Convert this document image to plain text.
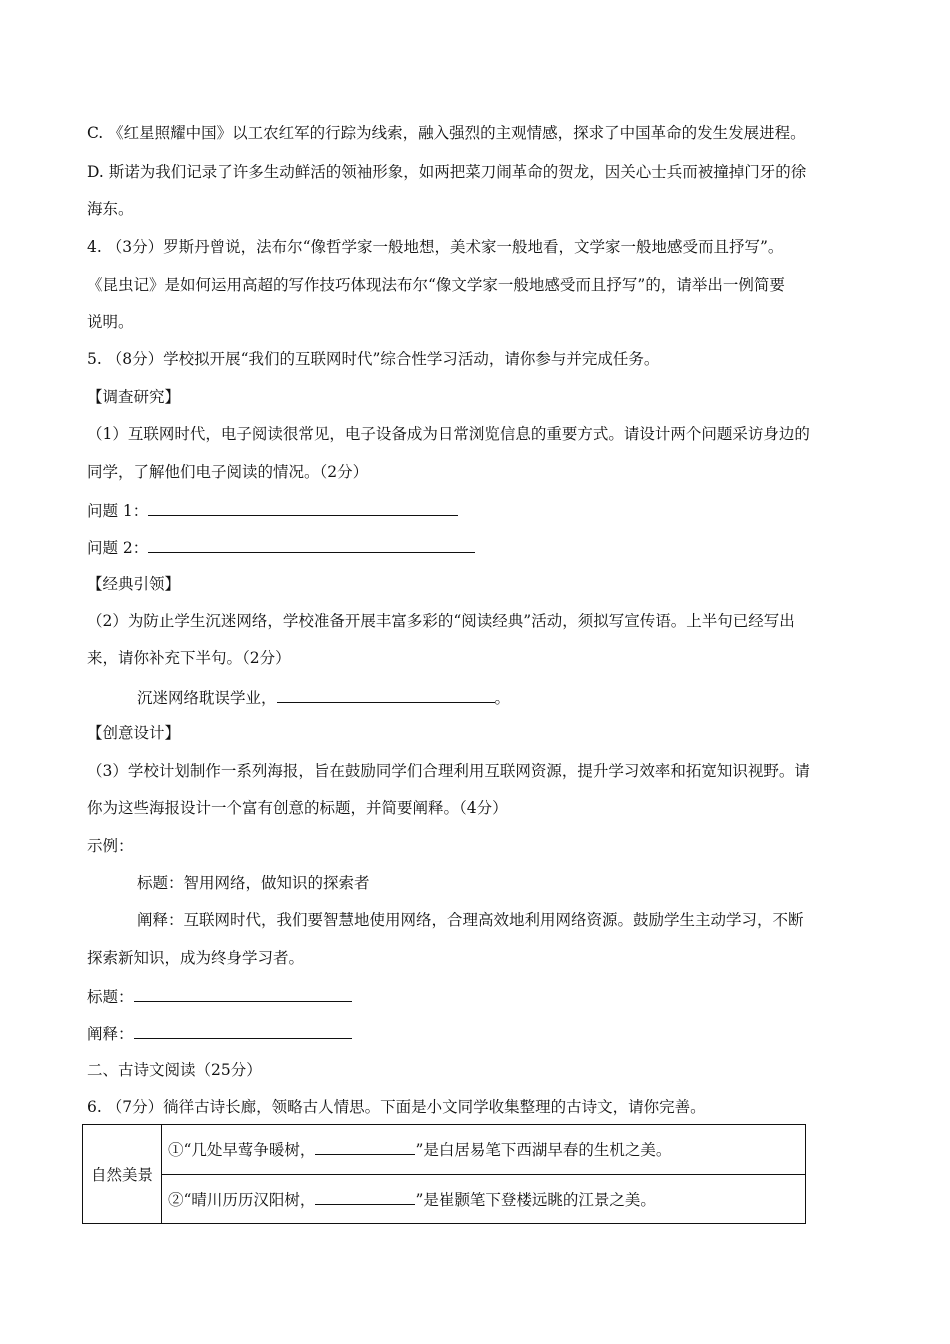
C. 《红星照耀中国》以工农红军的行踪为线索，融入强烈的主观情感，探求了中国革命的发生发展进程。
D. 斯诺为我们记录了许多生动鲜活的领袖形象，如两把菜刀闹革命的贺龙，因关心士兵而被撞掉门牙的徐
海东。
4. （3分）罗斯丹曾说，法布尔“像哲学家一般地想，美术家一般地看，文学家一般地感受而且抒写”。
《昆虫记》是如何运用高超的写作技巧体现法布尔“像文学家一般地感受而且抒写”的，请举出一例简要
说明。
5. （8分）学校拟开展“我们的互联网时代”综合性学习活动，请你参与并完成任务。
【调查研究】
（1）互联网时代，电子阅读很常见，电子设备成为日常浏览信息的重要方式。请设计两个问题采访身边的
同学，了解他们电子阅读的情况。（2分）
问题 1：
问题 2：
【经典引领】
（2）为防止学生沉迷网络，学校准备开展丰富多彩的“阅读经典”活动，须拟写宣传语。上半句已经写出
来，请你补充下半句。（2分）
沉迷网络耽误学业，	。
【创意设计】
（3）学校计划制作一系列海报，旨在鼓励同学们合理利用互联网资源，提升学习效率和拓宽知识视野。请
你为这些海报设计一个富有创意的标题，并简要阐释。（4分）
示例：
标题：智用网络，做知识的探索者
阐释：互联网时代，我们要智慧地使用网络，合理高效地利用网络资源。鼓励学生主动学习，不断
探索新知识，成为终身学习者。
标题：
阐释：
二、古诗文阅读（25分）
6. （7分）徜徉古诗长廊，领略古人情思。下面是小文同学收集整理的古诗文，请你完善。
自然美景	①“几处早莺争暖树，	”是白居易笔下西湖早春的生机之美。
②“晴川历历汉阳树，	”是崔颢笔下登楼远眺的江景之美。
